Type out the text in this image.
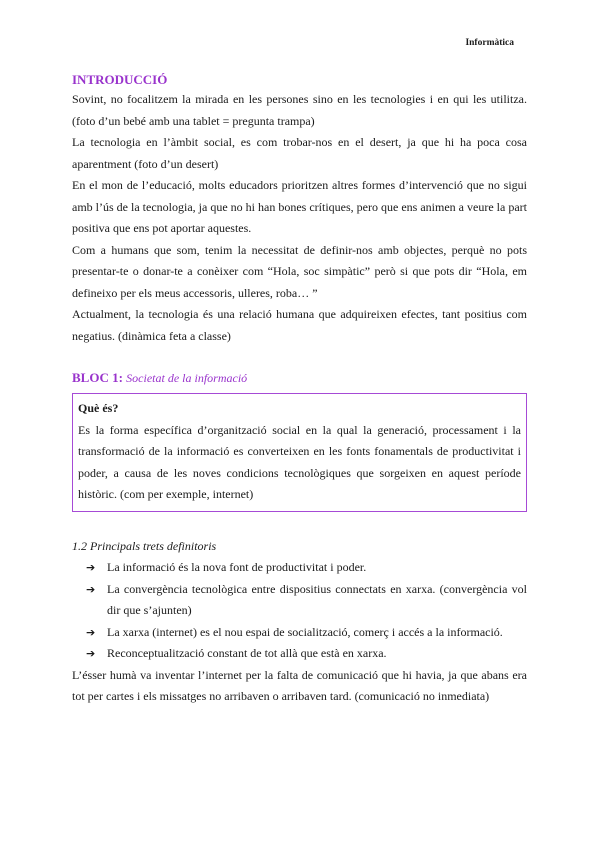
Informàtica
INTRODUCCIÓ

Sovint, no focalitzem la mirada en les persones sino en les tecnologies i en qui les utilitza. (foto d’un bebé amb una tablet = pregunta trampa)

La tecnologia en l’àmbit social, es com trobar-nos en el desert, ja que hi ha poca cosa aparentment (foto d’un desert)

En el mon de l’educació, molts educadors prioritzen altres formes d’intervenció que no sigui amb l’ús de la tecnologia, ja que no hi han bones crítiques, pero que ens animen a veure la part positiva que ens pot aportar aquestes.

Com a humans que som, tenim la necessitat de definir-nos amb objectes, perquè no pots presentar-te o donar-te a conèixer com “Hola, soc simpàtic” però si que pots dir “Hola, em defineixo per els meus accessoris, ulleres, roba… ”

Actualment, la tecnologia és una relació humana que adquireixen efectes, tant positius com negatius. (dinàmica feta a classe)

BLOC 1: Societat de la informació
Què és?

Es la forma específica d’organització social en la qual la generació, processament i la transformació de la informació es converteixen en les fonts fonamentals de productivitat i poder, a causa de les noves condicions tecnològiques que sorgeixen en aquest període històric. (com per exemple, internet)

1.2 Principals trets definitoris
➔ La informació és la nova font de productivitat i poder.
➔ La convergència tecnològica entre dispositius connectats en xarxa. (convergència vol dir que s’ajunten)
➔ La xarxa (internet) es el nou espai de socialització, comerç i accés a la informació.
➔ Reconceptualització constant de tot allà que està en xarxa.

L’ésser humà va inventar l’internet per la falta de comunicació que hi havia, ja que abans era tot per cartes i els missatges no arribaven o arribaven tard. (comunicació no inmediata)
